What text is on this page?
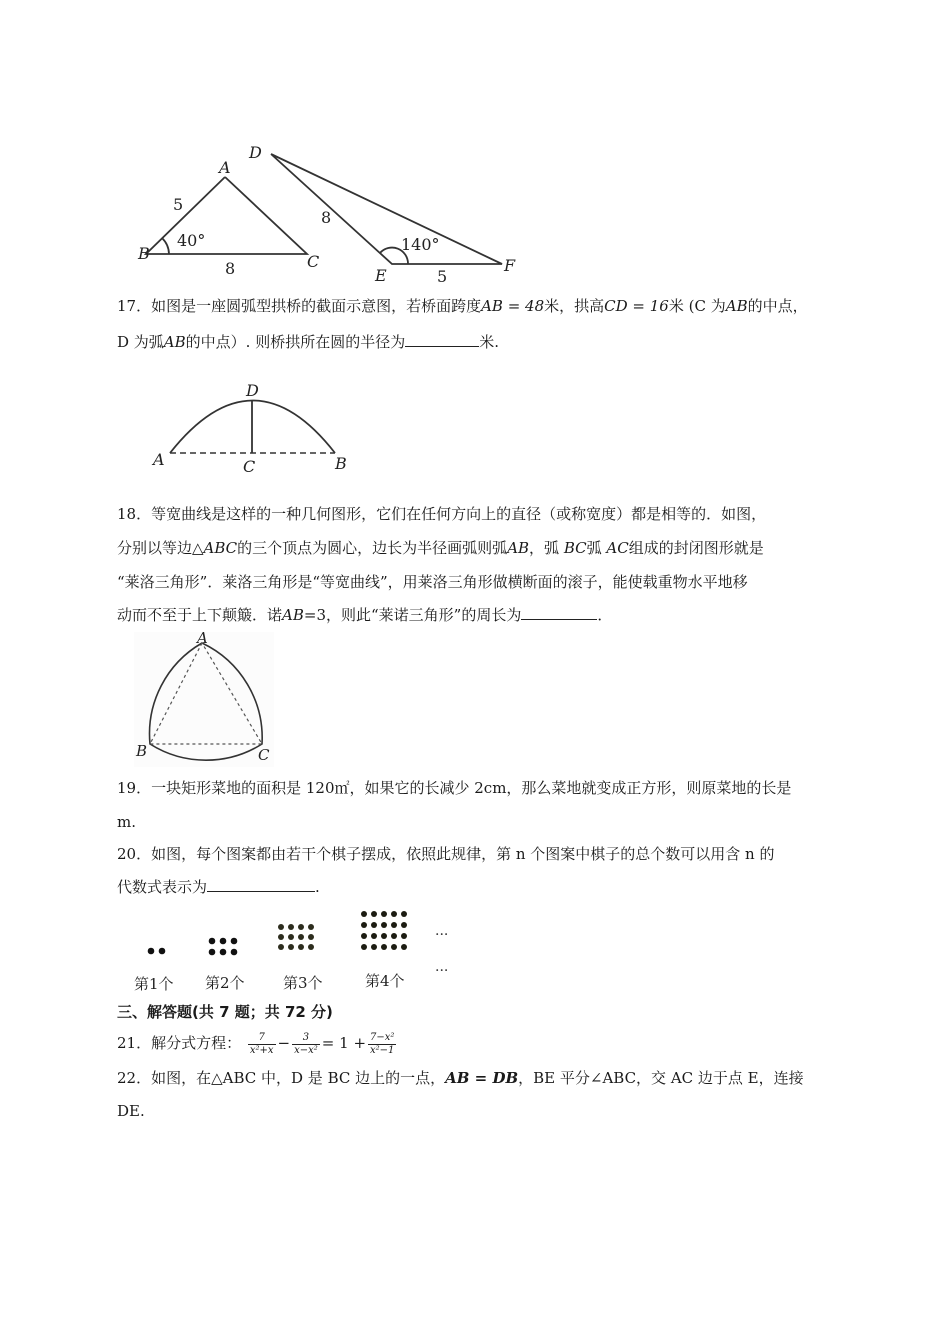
A
B	C
D
E
F
5
8
40°
8
5
140°
17．如图是一座圆弧型拱桥的截面示意图，若桥面跨度AB = 48米，拱高CD = 16米 (C 为AB的中点，
D 为弧AB的中点）. 则桥拱所在圆的半径为	米.
D
A	C	B
18．等宽曲线是这样的一种几何图形，它们在任何方向上的直径（或称宽度）都是相等的．如图，
分别以等边△ABC的三个顶点为圆心，边长为半径画弧则弧AB，弧 BC弧 AC组成的封闭图形就是
“莱洛三角形”．莱洛三角形是“等宽曲线”，用莱洛三角形做横断面的滚子，能使载重物水平地移
动而不至于上下颠簸．诺AB=3，则此“莱诺三角形”的周长为	．
A
B	C
19．一块矩形菜地的面积是 120㎡，如果它的长减少 2cm，那么菜地就变成正方形，则原菜地的长是
m.
20．如图，每个图案都由若干个棋子摆成，依照此规律，第 n 个图案中棋子的总个数可以用含 n 的
代数式表示为	.
第1个 第2个	第3个	第4个
...
...
三、解答题(共 7 题；共 72 分)
21．解分式方程： $\frac{7}{\text{x²+x}} - \frac{3}{\text{x−x²}} = 1 + \frac{\text{7−x²}}{\text{x²−1}}$
22．如图，在△ABC 中，D 是 BC 边上的一点，AB = DB，BE 平分∠ABC，交 AC 边于点 E，连接
DE.
